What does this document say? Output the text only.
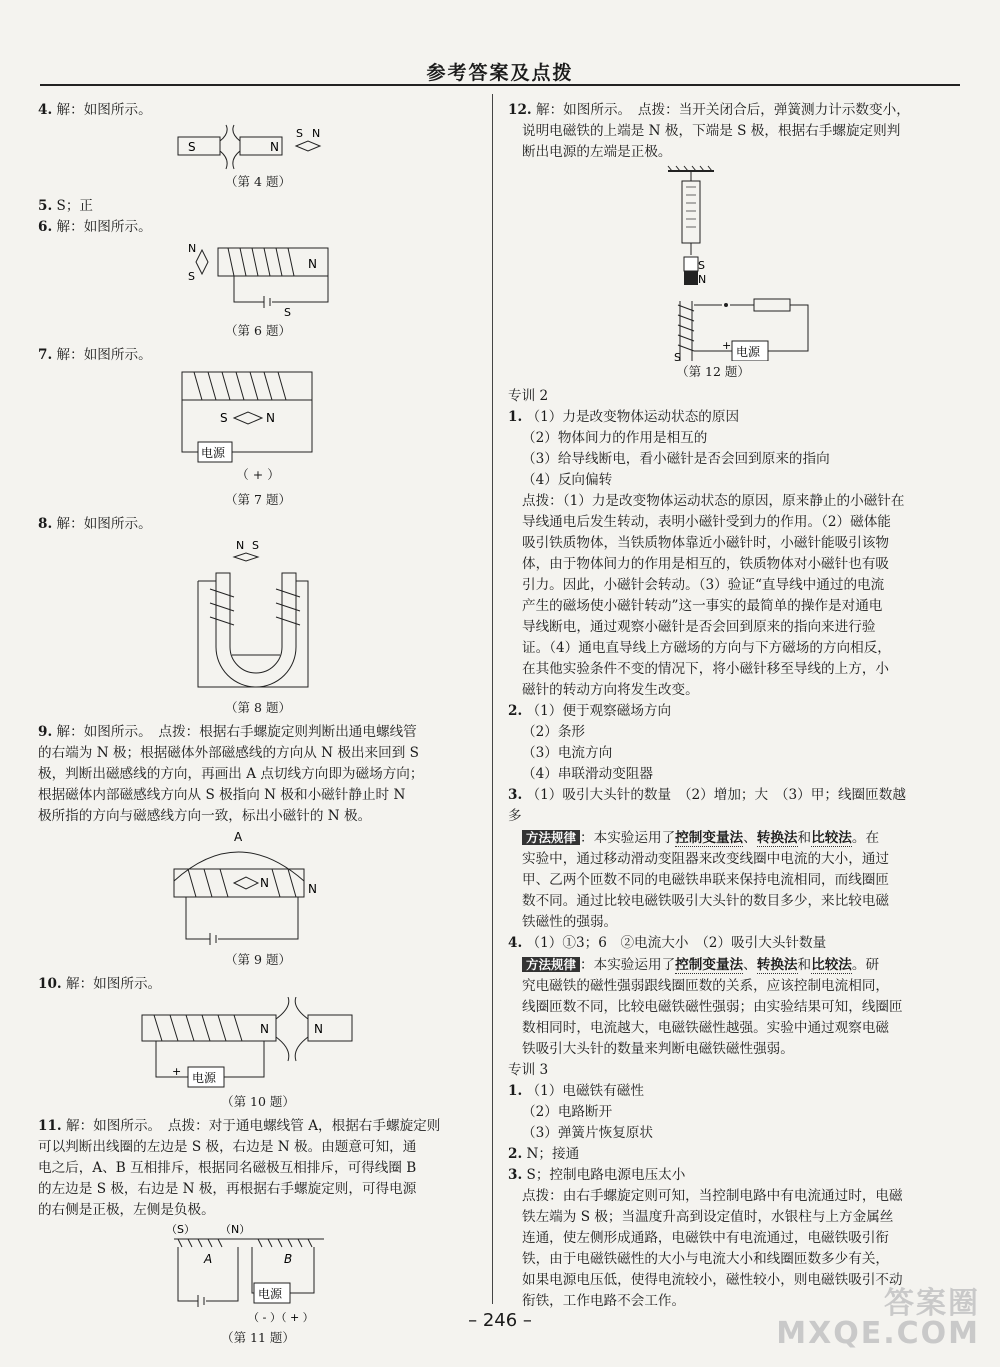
参考答案及点拨

4. 解：如图所示。

S	N
S N

（第 4 题）

5. S；正

6. 解：如图所示。

N
N
S
S

（第 6 题）

7. 解：如图所示。

电源
S	N

（ + ）

（第 7 题）

8. 解：如图所示。

N S

（第 8 题）

9. 解：如图所示。　点拨：根据右手螺旋定则判断出通电螺线管

的右端为 N 极；根据磁体外部磁感线的方向从 N 极出来回到 S

极，判断出磁感线的方向，再画出 A 点切线方向即为磁场方向；

根据磁体内部磁感线方向从 S 极指向 N 极和小磁针静止时 N

极所指的方向与磁感线方向一致，标出小磁针的 N 极。

A
N	N

（第 9 题）

10. 解：如图所示。

N	N
电源
+

（第 10 题）

11. 解：如图所示。　点拨：对于通电螺线管 A，根据右手螺旋定则

可以判断出线圈的左边是 S 极，右边是 N 极。由题意可知，通

电之后，A、B 互相排斥，根据同名磁极互相排斥，可得线圈 B

的左边是 S 极，右边是 N 极，再根据右手螺旋定则，可得电源

的右侧是正极，左侧是负极。

（S） （N）
A	B
电源
（ - ）（ + ）

（第 11 题）

12. 解：如图所示。　点拨：当开关闭合后，弹簧测力计示数变小，

说明电磁铁的上端是 N 极，下端是 S 极，根据右手螺旋定则判

断出电源的左端是正极。

S
N
电源
+
S

（第 12 题）

专训 2

1. （1）力是改变物体运动状态的原因

（2）物体间力的作用是相互的

（3）给导线断电，看小磁针是否会回到原来的指向

（4）反向偏转

点拨：（1）力是改变物体运动状态的原因，原来静止的小磁针在

导线通电后发生转动，表明小磁针受到力的作用。（2）磁体能

吸引铁质物体，当铁质物体靠近小磁针时，小磁针能吸引该物

体，由于物体间力的作用是相互的，铁质物体对小磁针也有吸

引力。因此，小磁针会转动。（3）验证“直导线中通过的电流

产生的磁场使小磁针转动”这一事实的最简单的操作是对通电

导线断电，通过观察小磁针是否会回到原来的指向来进行验

证。（4）通电直导线上方磁场的方向与下方磁场的方向相反，

在其他实验条件不变的情况下，将小磁针移至导线的上方，小

磁针的转动方向将发生改变。

2. （1）便于观察磁场方向

（2）条形

（3）电流方向

（4）串联滑动变阻器

3. （1）吸引大头针的数量　（2）增加；大　（3）甲；线圈匝数越多

方法规律 ：本实验运用了控制变量法、转换法和比较法。在

实验中，通过移动滑动变阻器来改变线圈中电流的大小，通过

甲、乙两个匝数不同的电磁铁串联来保持电流相同，而线圈匝

数不同。通过比较电磁铁吸引大头针的数目多少，来比较电磁

铁磁性的强弱。

4. （1）①3；6　②电流大小　（2）吸引大头针数量

方法规律 ：本实验运用了控制变量法、转换法和比较法。研

究电磁铁的磁性强弱跟线圈匝数的关系，应该控制电流相同，

线圈匝数不同，比较电磁铁磁性强弱；由实验结果可知，线圈匝

数相同时，电流越大，电磁铁磁性越强。实验中通过观察电磁

铁吸引大头针的数量来判断电磁铁磁性强弱。

专训 3

1. （1）电磁铁有磁性

（2）电路断开

（3）弹簧片恢复原状

2. N；接通

3. S；控制电路电源电压太小

点拨：由右手螺旋定则可知，当控制电路中有电流通过时，电磁

铁左端为 S 极；当温度升高到设定值时，水银柱与上方金属丝

连通，使左侧形成通路，电磁铁中有电流通过，电磁铁吸引衔

铁，由于电磁铁磁性的大小与电流大小和线圈匝数多少有关，

如果电源电压低，使得电流较小，磁性较小，则电磁铁吸引不动

衔铁，工作电路不会工作。

– 246 –	答案圈
MXQE.COM
